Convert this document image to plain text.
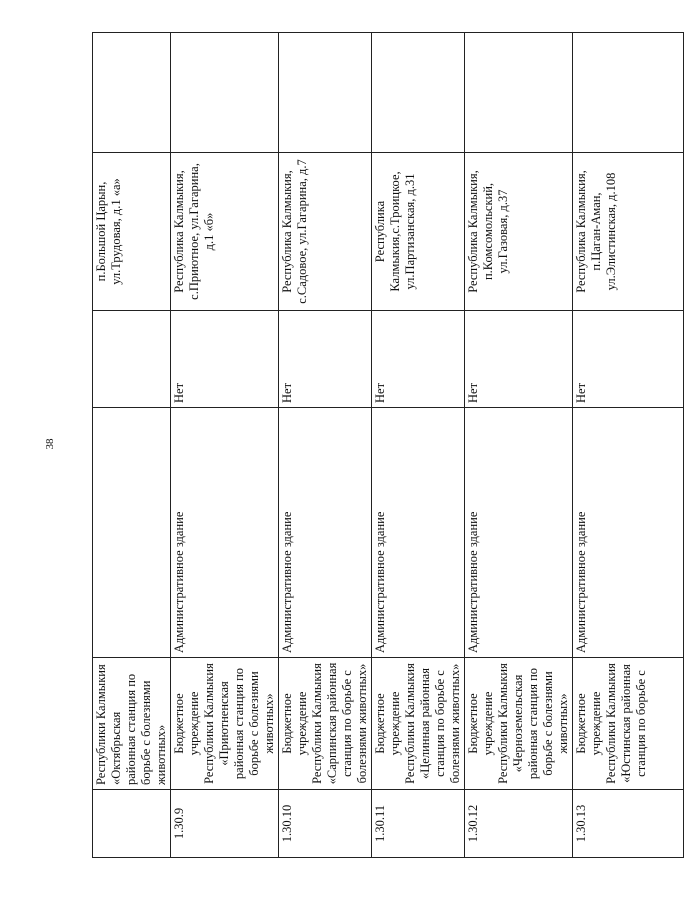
38
	Республики Калмыкия «Октябрьская районная станция по борьбе с болезнями животных»			п.Большой Царын, ул.Трудовая, д.1 «а»	
1.30.9	Бюджетное учреждение Республики Калмыкия «Приютненская районная станция по борьбе с болезнями животных»	Административное здание	Нет	Республика Калмыкия, с.Приютное, ул.Гагарина, д.1 «б»	
1.30.10	Бюджетное учреждение Республики Калмыкия «Сарпинская районная станция по борьбе с болезнями животных»	Административное здание	Нет	Республика Калмыкия, с.Садовое, ул.Гагарина, д.7	
1.30.11	Бюджетное учреждение Республики Калмыкия «Целинная районная станция по борьбе с болезнями животных»	Административное здание	Нет	Республика Калмыкия,с.Троицкое, ул.Партизанская, д.31	
1.30.12	Бюджетное учреждение Республики Калмыкия «Черноземельская районная станция по борьбе с болезнями животных»	Административное здание	Нет	Республика Калмыкия, п.Комсомольский, ул.Газовая, д.37	
1.30.13	Бюджетное учреждение Республики Калмыкия «Юстинская районная станция по борьбе с	Административное здание	Нет	Республика Калмыкия, п.Цаган-Аман, ул.Элистинская, д.108	
